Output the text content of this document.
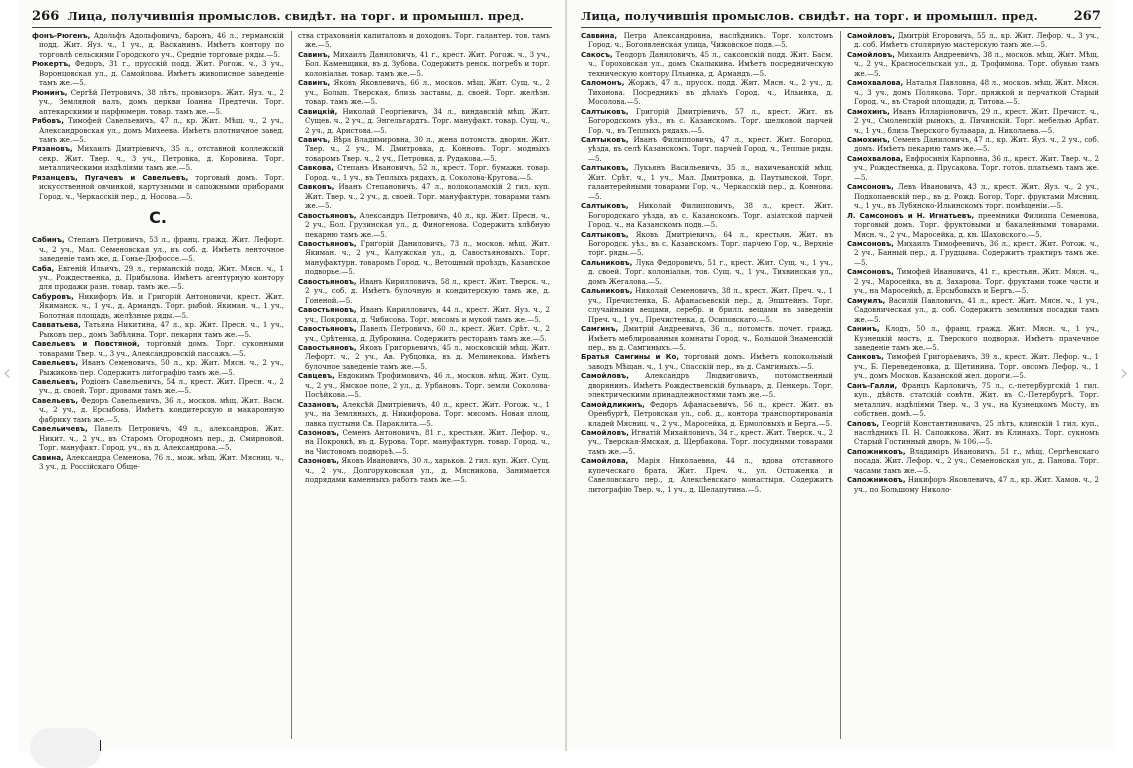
266 Лица, получившiя промыслов. свидѣт. на торг. и промышл. пред.

фонъ-Рюгенъ, Адольфъ Адольфовичъ, баронъ, 46 л., германскiй подд. Жит. Яуз. ч., 1 уч., д. Васканинъ. Имѣетъ контору по торговлѣ сельскими Городского уч., Среднiе торговые ряды.—5.

Рюкертъ, Федоръ, 31 г., прусскiй подд. Жит. Рогож. ч., 3 уч., Воронцовская ул., д. Самойлова. Имѣетъ живописное заведенiе тамъ же.—5.

Рюминъ, Сергѣй Петровичъ, 38 лѣтъ, провизоръ. Жит. Яуз. ч., 2 уч., Земляной валъ, домъ церкви Iоанна Предтечи. Торг. аптекарскими и парфюмерн. товар. тамъ же.—5.

Рябовъ, Тимофей Савельевичъ, 47 л., кр. Жит. Мѣщ. ч., 2 уч., Александровская ул., домъ Михеева. Имѣетъ плотничное завед. тамъ же.—5.

Рязановъ, Михаилъ Дмитрiевичъ, 35 л., отставной коллежскiй секр. Жит. Твер. ч., 3 уч., Петровка, д. Коровина. Торг. металлическими издѣлiями тамъ же.—5.

Рязанцевъ, Пугачевъ и Савельевъ, торговый домъ. Торг. искусственной овчинкой, картузными и сапожными приборами Город. ч., Черкасскiй пер., д. Носова.—5.

С.

Сабинъ, Степанъ Петровичъ, 53 л., франц. гражд. Жит. Лефорт. ч., 2 уч., Мал. Семеновская ул., въ соб. д. Имѣетъ ленточное заведенiе тамъ же, д. Гонье-Дюфоссе.—5.

Саба, Евгенiй Ильичъ, 29 л., германскiй подд. Жит. Мясн. ч., 1 уч., Рождественка, д. Прибылова. Имѣетъ агентурную контору для продажи разн. товар. тамъ же.—5.

Сабуровъ, Никифоръ Ив. и Григорiй Антоновичи, крест. Жит. Якиманск. ч., 1 уч., д. Армандъ. Торг. рыбой. Якиман. ч., 1 уч., Болотная площадь, желѣзные ряды.—5.

Савватьева, Татьяна Никитина, 47 л., кр. Жит. Пресн. ч., 1 уч., Рыковъ пер., домъ Забѣлина. Торг. пекарня тамъ же.—5.

Савельевъ и Повстяной, торговый домъ. Торг. суконными товарами Твер. ч., 3 уч., Александровскiй пассажъ.—5.

Савельевъ, Иванъ Семеновичъ, 50 л., кр. Жит. Мясн. ч., 2 уч., Рыжиковъ пер. Содержитъ литографiю тамъ же.—5.

Савельевъ, Родiонъ Савельевичъ, 54 л., крест. Жит. Пресн. ч., 2 уч., д. своей. Торг. дровами тамъ же.—5.

Савельевъ, Федоръ Савельевичъ, 36 л., москов. мѣщ. Жит. Васм. ч., 2 уч., д. Ерсыбова. Имѣетъ кондитерскую и макаронную фабрику тамъ же.—5.

Савельичевъ, Павелъ Петровичъ, 49 л., александров. Жит. Никит. ч., 2 уч., въ Старомъ Огородномъ пер., д. Смирновой. Торг. мануфакт. Город. уч., въ д. Александрова.—5.

Савина, Александра Семенова, 76 л., мож. мѣщ. Жит. Мясниц. ч., 3 уч., д. Россiйскаго Обще-

ства страхованiя капиталовъ и доходовъ. Торг. галантер. тов. тамъ же.—5.

Савинъ, Михаилъ Даниловичъ, 41 г., крест. Жит. Рогож. ч., 3 уч., Бол. Каменщики, въ д. Зубова. Содержитъ ренск. погребъ и торг. колонiальн. товар. тамъ же.—5.

Савинъ, Яковъ Яковлевичъ, 66 л., москов. мѣщ. Жит. Сущ. ч., 2 уч., Болып. Тверская, близь заставы, д. своей. Торг. желѣзн. товар. тамъ же.—5.

Савицкiй, Николай Георгiевичъ, 34 л., виндавскiй мѣщ. Жит. Сущев. ч., 2 уч., д. Энгельгардтъ. Торг. мануфакт. товар. Сущ. ч., 2 уч., д. Аристова.—5.

Савичъ, Вѣра Владимировна, 30 л., жена потомств. дворян. Жит. Твер. ч., 2 уч., М. Дмитровка, д. Конновъ. Торг. модныхъ товаромъ Твер. ч., 2 уч., Петровка, д. Рудакова.—5.

Савкова, Степанъ Ивановичъ, 52 л., крест. Торг. бумажн. товар. Город. ч., 1 уч., въ Теплыхъ рядахъ, д. Соколова-Кругова.—5.

Савковъ, Иванъ Степановичъ, 47 л., волоколамскiй 2 гил. куп. Жит. Твер. ч., 2 уч., д. своей. Торг. мануфактурн. товарами тамъ же.—5.

Савостьяновъ, Александръ Петровичъ, 40 л., кр. Жит. Пресн. ч., 2 уч., Бол. Грузинская ул., д. Финогенова. Содержитъ хлѣбную пекарню тамъ же.—5.

Савостьяновъ, Григорiй Даниловичъ, 73 л., москов. мѣщ. Жит. Якиман. ч., 2 уч., Калужская ул., д. Савостьяновыхъ. Торг. мануфактурн. товаромъ Город. ч., Ветошный проѣздъ, Казанское подворье.—5.

Савостьяновъ, Иванъ Кирилловичъ, 58 л., крест. Жит. Тверск. ч., 2 уч., соб. д. Имѣетъ булочную и кондитерскую тамъ же, д. Гоненой.—5.

Савостьяновъ, Иванъ Кирилловичъ, 44 л., крест. Жит. Яуз. ч., 2 уч., Покровка, д. Чибисова. Торг. мясомъ и мукой тамъ же.—5.

Савостьяновъ, Павелъ Петровичъ, 60 л., крест. Жит. Срѣт. ч., 2 уч., Срѣтенка, д. Дубровина. Содержитъ ресторанъ тамъ же.—5.

Савостьяновъ, Яковъ Григорьевичъ, 45 л., московскiй мѣщ. Жит. Лефорт. ч., 2 уч., Ав. Рубцовка, въ д. Мелинекова. Имѣетъ булочное заведенiе тамъ же.—5.

Савцевъ, Евдокимъ Трофимовичъ, 46 л., москов. мѣщ. Жит. Сущ. ч., 2 уч., Ямское поле, 2 ул., д. Урбановъ. Торг. земли Соколова-Посѣйкова.—5.

Сазановъ, Алексѣй Дмитрiевичъ, 40 л., крест. Жит. Рогож. ч., 1 уч., на Земляныхъ, д. Никифорова. Торг. мясомъ. Новая площ. лавка пустыни Св. Параклита.—5.

Сазоновъ, Семенъ Антоновичъ, 81 г., крестьян. Жит. Лефор. ч., на Покровкѣ, въ д. Бурова. Торг. мануфактурн. товар. Город. ч., на Чистовомъ подворьѣ.—5.

Сазоновъ, Яковъ Ивановичъ, 30 л., харьков. 2 гил. куп. Жит. Сущ. ч., 2 уч., Долгоруковская ул., д. Мясникова. Занимается подрядами каменныхъ работъ тамъ же.—5.

Лица, получившiя промыслов. свидѣт. на торг. и промышл. пред.	267

Саввина, Петра Александровна, наслѣдникъ. Торг. холстомъ Город. ч., Богоявленская улица, Чижовское подв.—5.

Сакосъ, Теодоръ Даниловичъ, 45 л., саксонскiй подд. Жит. Басм. ч., Гороховская ул., домъ Скалыкина. Имѣетъ посредническую техническую контору Пльинка, д. Армандъ.—5.

Саломонъ, Жоржъ, 47 л., прусск. подд. Жит. Мясн. ч., 2 уч., д. Тихонова. Посредникъ въ дѣлахъ Город. ч., Ильинка, д. Мосолова.—5.

Салтыковъ, Григорiй Дмитрiевичъ, 57 л., крест. Жит. въ Богородскомъ уѣз., въ с. Казанскомъ. Торг. шелковой парчей Гор. ч., въ Теплыхъ рядахъ.—5.

Салтыковъ, Иванъ Филипповичъ, 47 л., крест. Жит. Богород. уѣзда, въ селѣ Казанскомъ. Торг. парчей Город. ч., Теплые ряды.—5.

Салтыковъ, Лукьянъ Васильевичъ, 35 л., нахичеванскiй мѣщ. Жит. Срѣт. ч., 1 уч., Мал. Дмитровка, д. Паутынской. Торг. галантерейными товарами Гор. ч., Черкасскiй пер., д. Коннова.—5.

Салтыковъ, Николай Филипповичъ, 38 л., крест. Жит. Богородскаго уѣзда, въ с. Казанскомъ. Торг. азiатской парчей Город. ч., на Казанскомъ подв.—5.

Салтыковъ, Яковъ Дмитрiевичъ, 64 л., крестьян. Жит. въ Богородск. уѣз., въ с. Казанскомъ. Торг. парчею Гор. ч., Верхнiе торг. ряды.—5.

Сальниковъ, Лука Федоровичъ, 51 г., крест. Жит. Сущ. ч., 1 уч., д. своей. Торг. колонiальн. тов. Сущ. ч., 1 уч., Тихвинская ул., домъ Жегалова.—5.

Сальниковъ, Николай Семеновичъ, 38 л., крест. Жит. Преч. ч., 1 уч., Пречистенка, Б. Афанасьевскiй пер., д. Эпштейнъ. Торг. случайными вещами, серебр. и брилл. вещами въ заведенiи Преч. ч., 1 уч., Пречистенка, д. Осиповскаго.—5.

Самгинъ, Дмитрiй Андреевичъ, 36 л., потомств. почет. гражд. Имѣетъ меблированныя комнаты Город. ч., Большой Знаменскiй пер., въ д. Самгиныхъ.—5.

Братья Самгины и Ко, торговый домъ. Имѣетъ колокольный заводъ Мѣщан. ч., 1 уч., Спасскiй пер., въ д. Самгиныхъ.—5.

Самойловъ, Александръ Людвиговичъ, потомственный дворянинъ. Имѣетъ Рождественскiй бульваръ, д. Пенкерь. Торг. электрическими принадлежностями тамъ же.—5.

Самойдликинъ, Федоръ Афанасьевичъ, 56 л., крест. Жит. въ Оренбургѣ, Петровская ул., соб. д., контора транспортированiя кладей Мясниц. ч., 2 уч., Маросейка, д. Ермоловыхъ и Берга.—5.

Самойловъ, Игнатiй Михайловичъ, 34 г., крест. Жит. Тверск. ч., 2 уч., Тверская-Ямская, д. Щербакова. Торг. посудными товарами тамъ же.—5.

Самойлова, Марiя Николаевна, 44 л., вдова отставного купеческаго брата. Жит. Преч. ч., ул. Остоженка и Савеловскаго пер., д. Алексѣевскаго монастыря. Содержитъ литографiю Твер. ч., 1 уч., д. Шелапутина.—5.

Самойловъ, Дмитрiй Егоровичъ, 55 л., кр. Жит. Лефор. ч., 3 уч., д. соб. Имѣетъ столярную мастерскую тамъ же.—5.

Самойловъ, Михаилъ Андреевичъ, 38 л., москов. мѣщ. Жит. Мѣщ. ч., 2 уч., Красносельская ул., д. Трофимова. Торг. обувью тамъ же.—5.

Самохвалова, Наталья Павловна, 48 л., москов. мѣщ. Жит. Мясн. ч., 3 уч., домъ Полякова. Торг. пряжкой и перчаткой Старый Город. ч., въ Старой площади, д. Титова.—5.

Самохинъ, Иванъ Илларiоновичъ, 29 л., крест. Жит. Пречист. ч., 2 уч., Смоленскiй рынокъ, д. Пичинскiй. Торг. мебелью Арбат. ч., 1 уч., близь Тверского бульвара, д. Николаева.—5.

Самохинъ, Семенъ Даниловичъ, 47 л., кр. Жит. Яуз. ч., 2 уч., соб. домъ. Имѣетъ пекарню тамъ же.—5.

Самохвалова, Евфросинiя Карповна, 36 л., крест. Жит. Твер. ч., 2 уч., Рождественка, д. Прусакова. Торг. готов. платьемъ тамъ же.—5.

Самсоновъ, Левъ Ивановичъ, 43 л., крест. Жит. Яуз. ч., 2 уч., Подкопаевскiй пер., въ д. Рожд. Богор. Торг. фруктами Мясниц. ч., 1 уч., въ Лубянско-Ильинскомъ торг. помѣщенiи.—5.

Л. Самсоновъ и Н. Игнатьевъ, преемники Филиппа Семенова, торговый домъ. Торг. фруктовыми и бакалейными товарами. Мясн. ч., 2 уч., Маросейка, д. кн. Шаховского.—5.

Самсоновъ, Михаилъ Тимофеевичъ, 36 л., крест. Жит. Рогож. ч., 2 уч., Банный пер., д. Грудцына. Содержитъ трактиръ тамъ же.—5.

Самсоновъ, Тимофей Ивановичъ, 41 г., крестьян. Жит. Мясн. ч., 2 уч., Маросейка, въ д. Захарова. Торг. фруктами тоже части и уч., на Маросейкѣ, д. Ерсыбовыхъ и Бергъ.—5.

Самуилъ, Василiй Павловичъ, 41 л., крест. Жит. Мясн. ч., 1 уч., Садовническая ул., д. соб. Содержитъ земляныя посадки тамъ же.—5.

Санинъ, Клодъ, 50 л., франц. гражд. Жит. Мясн. ч., 1 уч., Кузнецкiй мостъ, д. Тверского подворья. Имѣетъ прачечное заведенiе тамъ же.—5.

Санковъ, Тимофей Григорьевичъ, 39 л., крест. Жит. Лефор. ч., 1 уч., Б. Переведеновка, д. Щетинина. Торг. овсомъ Лефор. ч., 1 уч., домъ Москов. Казанской жел. дороги.—5.

Санъ-Галли, Францъ Карловичъ, 75 л., с.-петербургскiй 1 гил. куп., дѣйств. статскiй совѣтн. Жит. въ С.-Петербургѣ. Торг. металлич. издѣлiями Твер. ч., 3 уч., на Кузнецкомъ Мосту, въ собствен. домѣ.—5.

Саповъ, Георгiй Константиновичъ, 25 лѣтъ, клинскiй 1 гил. куп., наслѣдникъ П. Н. Сапожкова. Жит. въ Клинахъ. Торг. сукномъ Старый Гостинный дворъ, № 106.—5.

Сапожниковъ, Владимiръ Ивановичъ, 51 г., мѣщ. Сергѣевскаго посада. Жит. Лефор. ч., 2 уч., Семеновская ул., д. Панова. Торг. часами тамъ же.—5.

Сапожниковъ, Никифоръ Яковлевичъ, 47 л., кр. Жит. Хамов. ч., 2 уч., по Большому Николо-

‹	›
